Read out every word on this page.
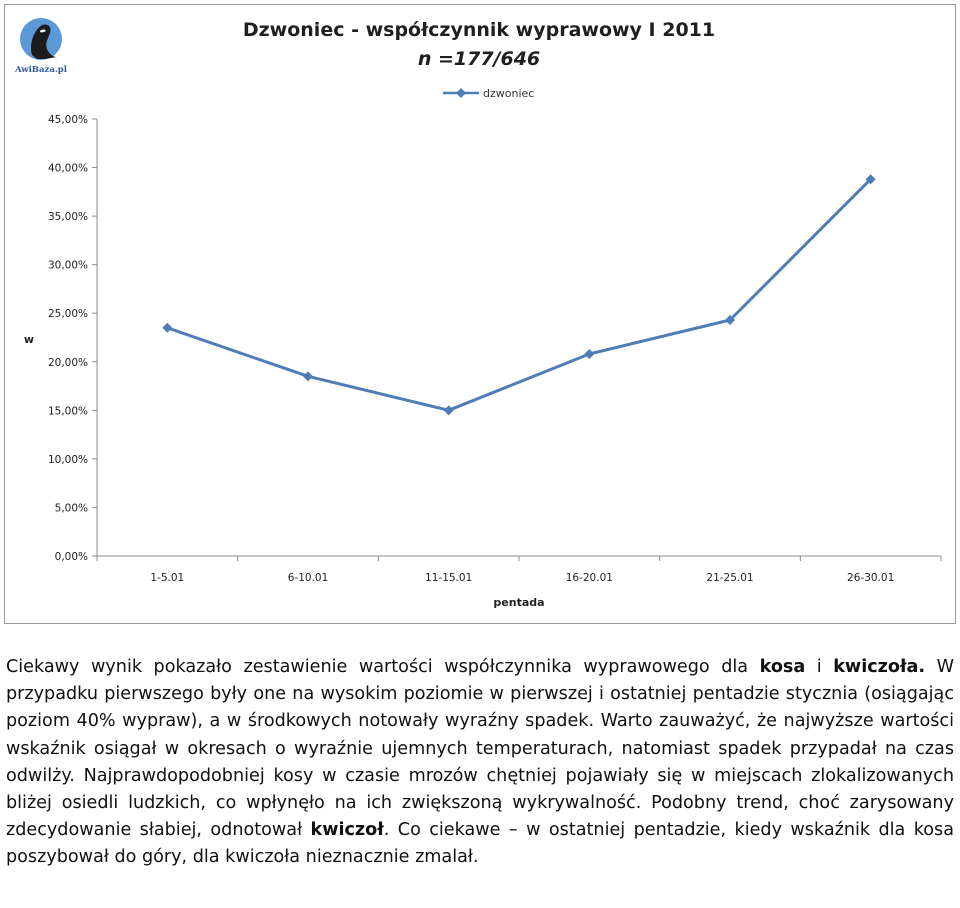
Dzwoniec - współczynnik wyprawowy I 2011
n =177/646
dzwoniec
0,00%
5,00%
10,00%
15,00%
20,00%
25,00%
30,00%
35,00%
40,00%
45,00%
w
1-5.01	6-10.01	11-15.01	16-20.01	21-25.01	26-30.01
pentada
AwiBaza.pl

Ciekawy wynik pokazało zestawienie wartości współczynnika wyprawowego dla kosa i kwiczoła. W przypadku pierwszego były one na wysokim poziomie w pierwszej i ostatniej pentadzie stycznia (osiągając poziom 40% wypraw), a w środkowych notowały wyraźny spadek. Warto zauważyć, że najwyższe wartości wskaźnik osiągał w okresach o wyraźnie ujemnych temperaturach, natomiast spadek przypadał na czas odwilży. Najprawdopodobniej kosy w czasie mrozów chętniej pojawiały się w miejscach zlokalizowanych bliżej osiedli ludzkich, co wpłynęło na ich zwiększoną wykrywalność. Podobny trend, choć zarysowany zdecydowanie słabiej, odnotował kwiczoł. Co ciekawe – w ostatniej pentadzie, kiedy wskaźnik dla kosa poszybował do góry, dla kwiczoła nieznacznie zmalał.
